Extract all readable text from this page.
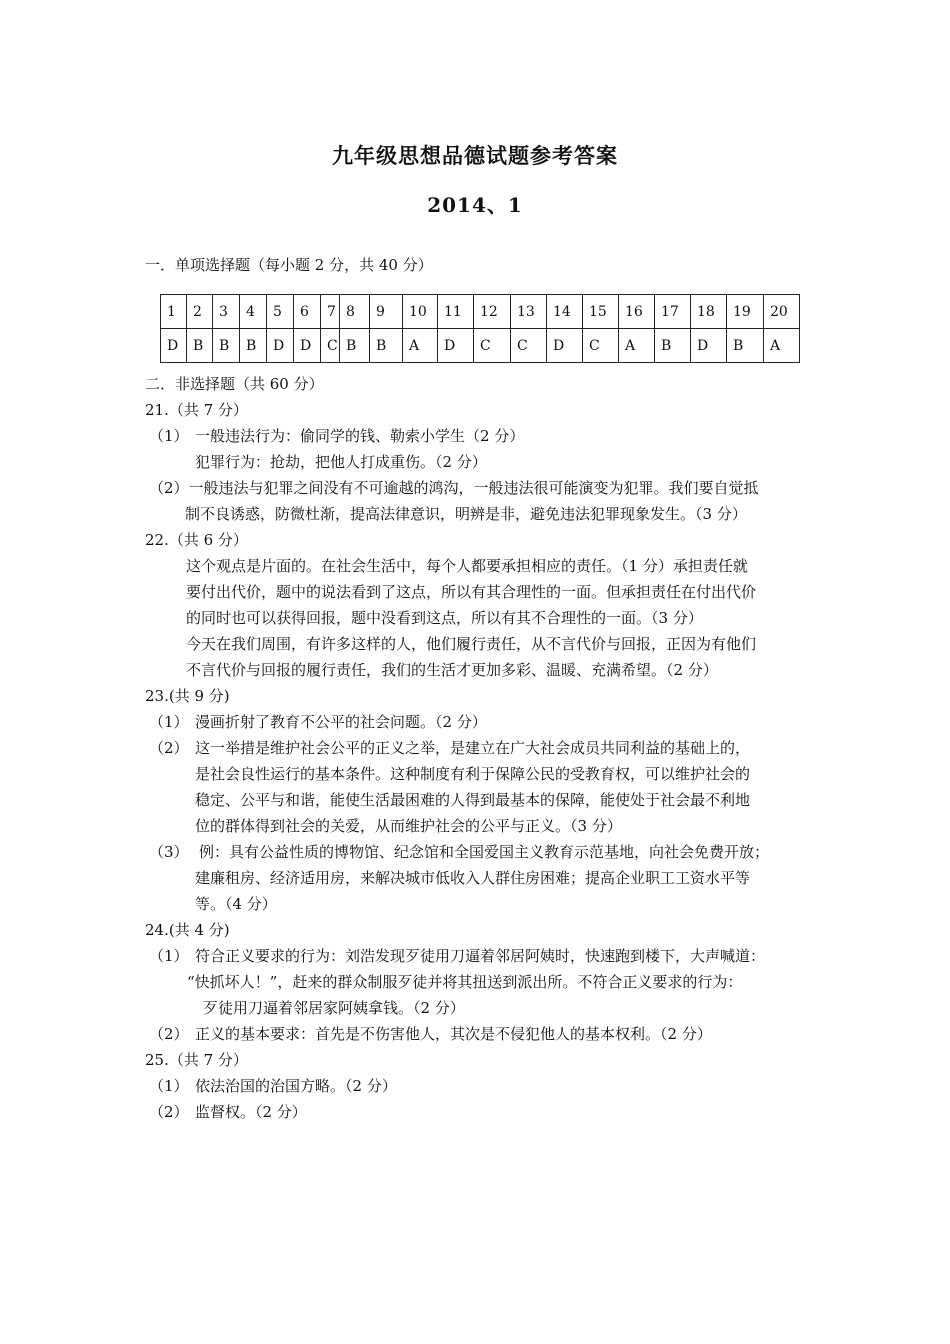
九年级思想品德试题参考答案
2014、1
一．单项选择题（每小题 2 分，共 40 分）
1	2	3	4	5	6	7	8	9	10	11	12	13	14	15	16	17	18	19	20
D	B	B	B	D	D	C	B	B	A	D	C	C	D	C	A	B	D	B	A
二．非选择题（共 60 分）
21.（共 7 分）
（1） 一般违法行为：偷同学的钱、勒索小学生（2 分）
犯罪行为：抢劫，把他人打成重伤。（2 分）
（2）一般违法与犯罪之间没有不可逾越的鸿沟，一般违法很可能演变为犯罪。我们要自觉抵
制不良诱惑，防微杜渐，提高法律意识，明辨是非，避免违法犯罪现象发生。（3 分）
22.（共 6 分）
这个观点是片面的。在社会生活中，每个人都要承担相应的责任。（1 分）承担责任就
要付出代价，题中的说法看到了这点，所以有其合理性的一面。但承担责任在付出代价
的同时也可以获得回报，题中没看到这点，所以有其不合理性的一面。（3 分）
今天在我们周围，有许多这样的人，他们履行责任，从不言代价与回报，正因为有他们
不言代价与回报的履行责任，我们的生活才更加多彩、温暖、充满希望。（2 分）
23.(共 9 分)
（1） 漫画折射了教育不公平的社会问题。（2 分）
（2） 这一举措是维护社会公平的正义之举，是建立在广大社会成员共同利益的基础上的，
是社会良性运行的基本条件。这种制度有利于保障公民的受教育权，可以维护社会的
稳定、公平与和谐，能使生活最困难的人得到最基本的保障，能使处于社会最不利地
位的群体得到社会的关爱，从而维护社会的公平与正义。（3 分）
（3） 例：具有公益性质的博物馆、纪念馆和全国爱国主义教育示范基地，向社会免费开放；
建廉租房、经济适用房，来解决城市低收入人群住房困难；提高企业职工工资水平等
等。（4 分）
24.(共 4 分)
（1） 符合正义要求的行为：刘浩发现歹徒用刀逼着邻居阿姨时，快速跑到楼下，大声喊道：
“快抓坏人！”，赶来的群众制服歹徒并将其扭送到派出所。不符合正义要求的行为：
歹徒用刀逼着邻居家阿姨拿钱。（2 分）
（2） 正义的基本要求：首先是不伤害他人，其次是不侵犯他人的基本权利。（2 分）
25.（共 7 分）
（1） 依法治国的治国方略。（2 分）
（2） 监督权。（2 分）
